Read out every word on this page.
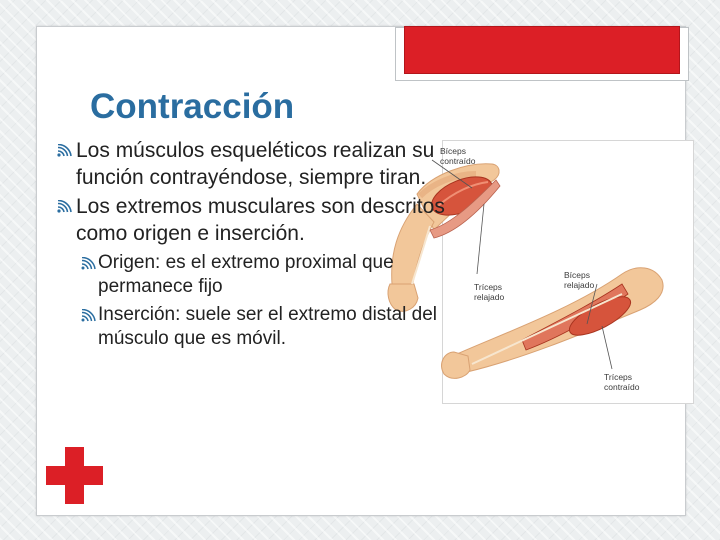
Contracción
Bíceps contraído
Tríceps relajado
Bíceps relajado
Tríceps contraído

Los músculos esqueléticos realizan su función contrayéndose, siempre tiran.

Los extremos musculares son descritos como origen e inserción.

Origen: es el extremo proximal que permanece fijo

Inserción: suele ser el extremo distal del músculo que es móvil.
